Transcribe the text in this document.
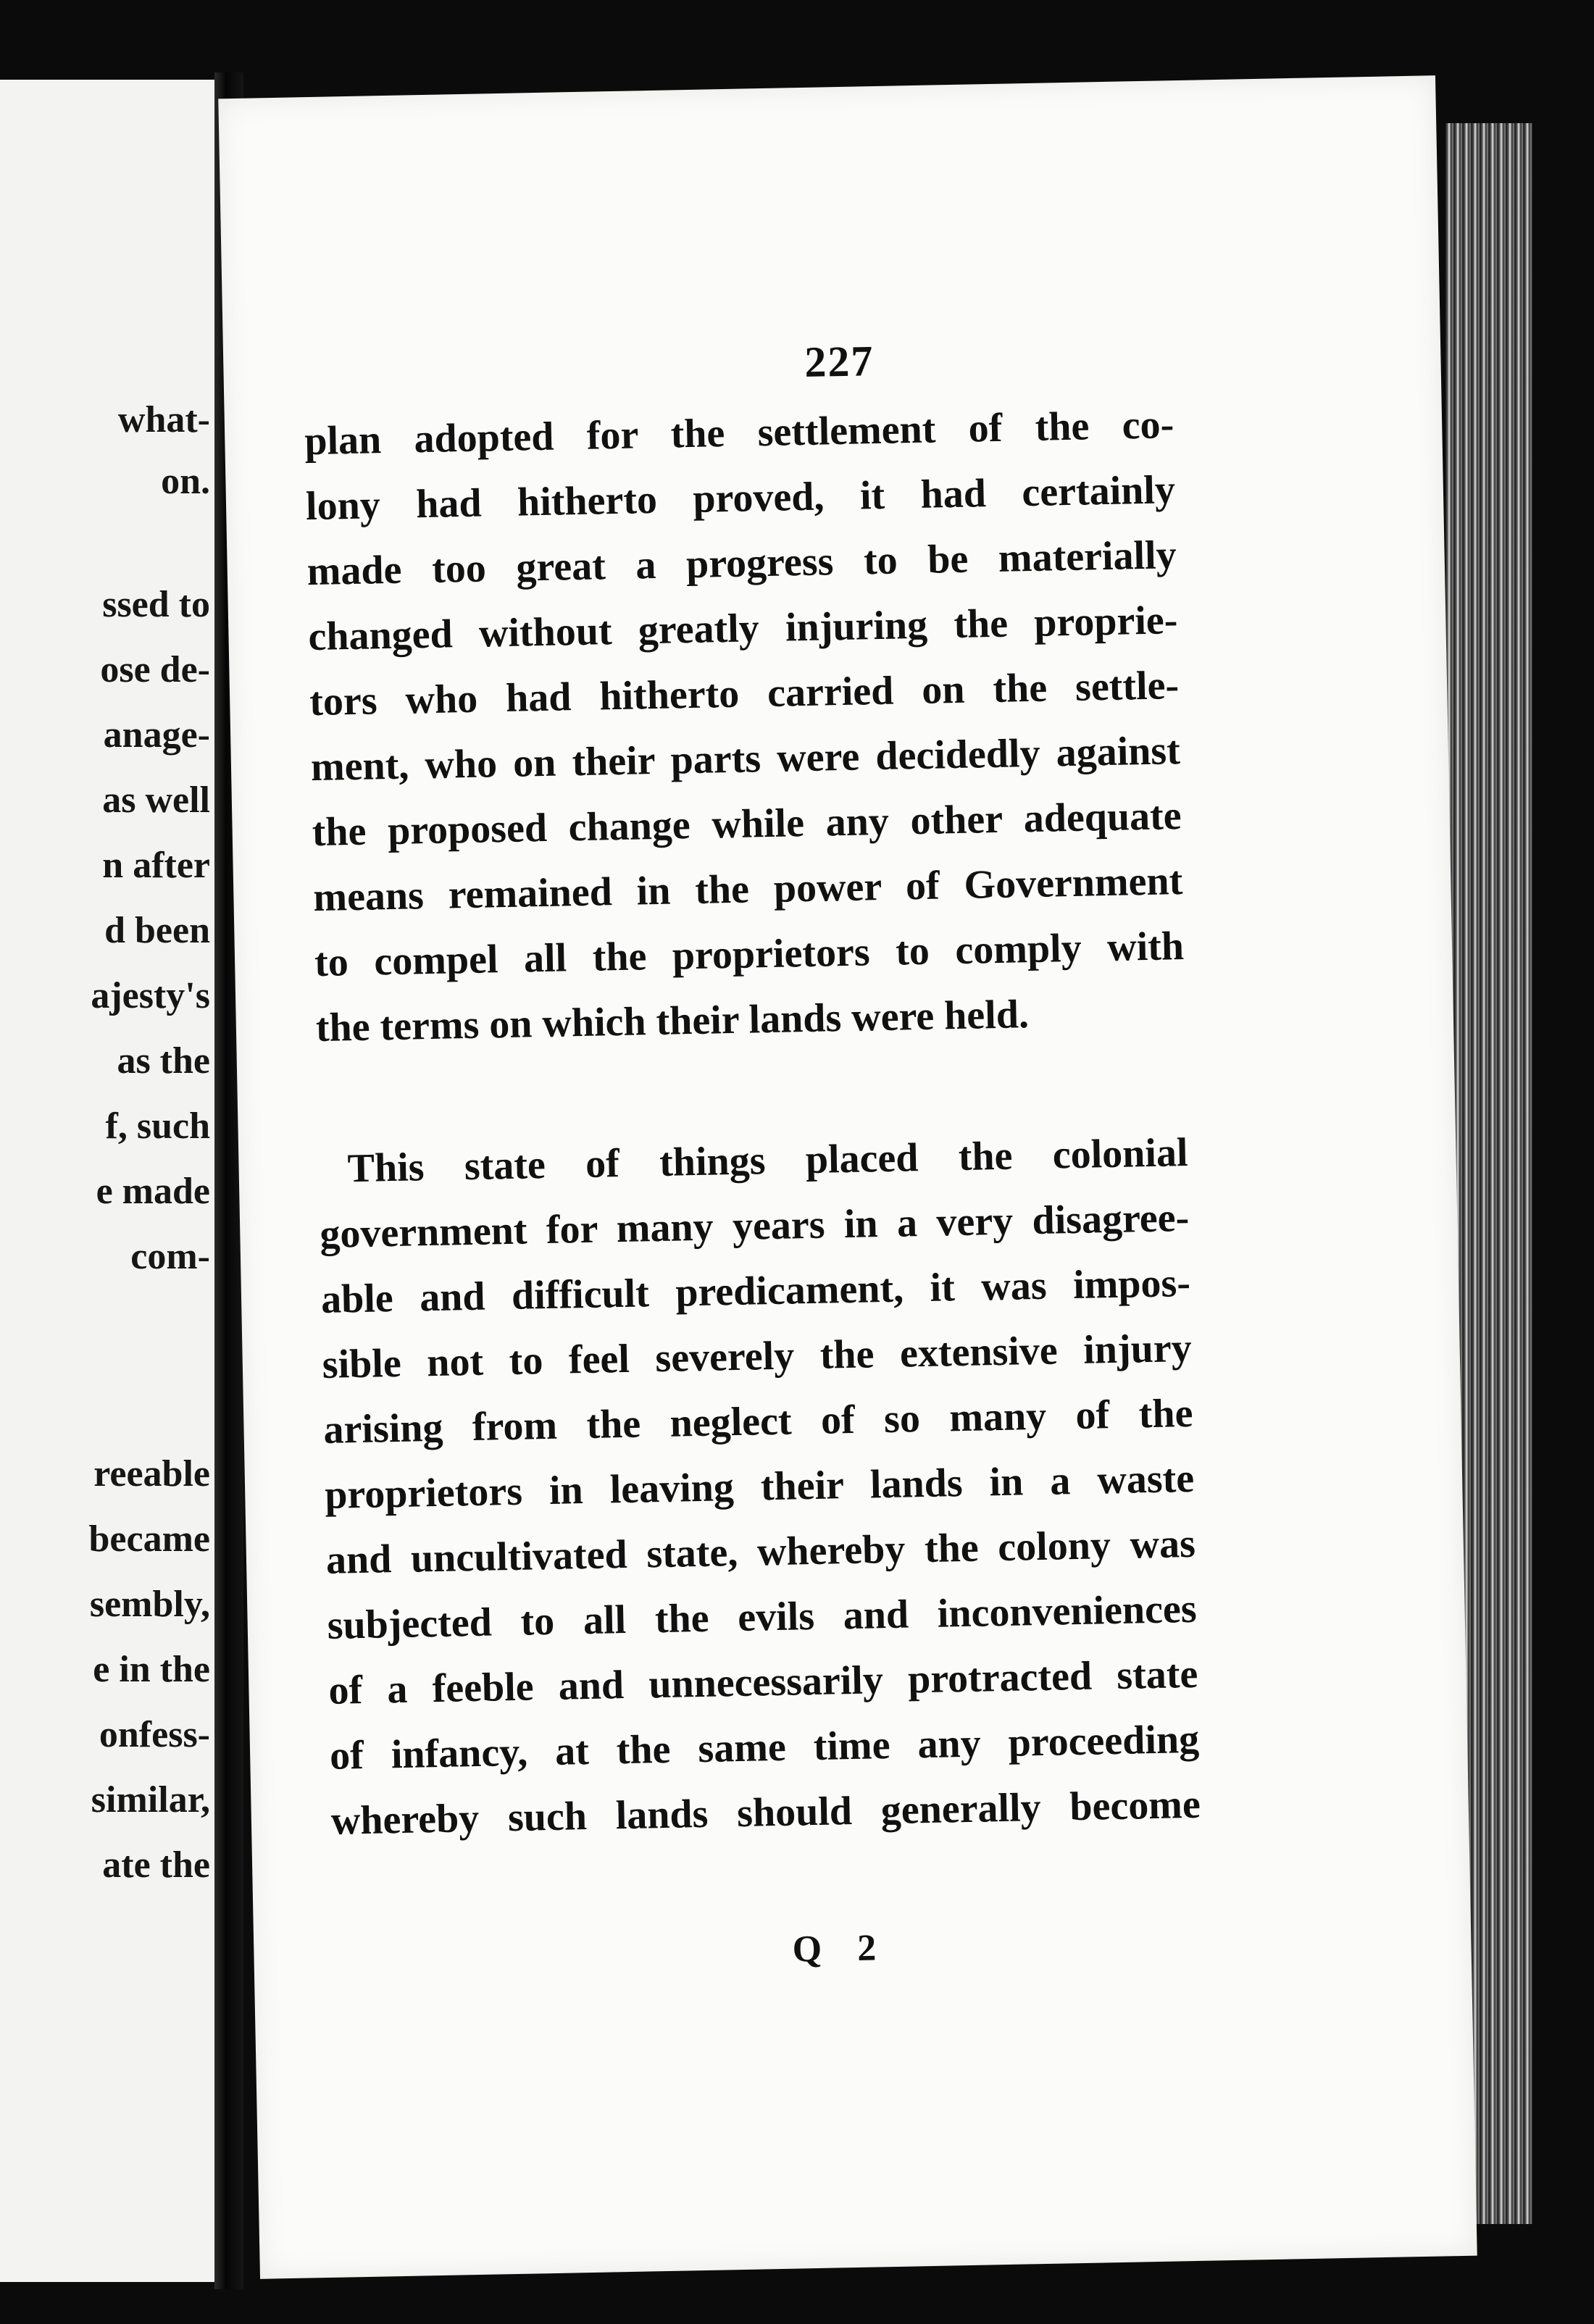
what-
on.
ssed to
ose de-
anage-
as well
n after
d been
ajesty's
as the
f, such
e made
com-
reeable
became
sembly,
e in the
onfess-
similar,
ate the
227
plan adopted for the settlement of the co-
lony had hitherto proved, it had certainly
made too great a progress to be materially
changed without greatly injuring the proprie-
tors who had hitherto carried on the settle-
ment, who on their parts were decidedly against
the proposed change while any other adequate
means remained in the power of Government
to compel all the proprietors to comply with
the terms on which their lands were held.
This state of things placed the colonial
government for many years in a very disagree-
able and difficult predicament, it was impos-
sible not to feel severely the extensive injury
arising from the neglect of so many of the
proprietors in leaving their lands in a waste
and uncultivated state, whereby the colony was
subjected to all the evils and inconveniences
of a feeble and unnecessarily protracted state
of infancy, at the same time any proceeding
whereby such lands should generally become
Q 2
